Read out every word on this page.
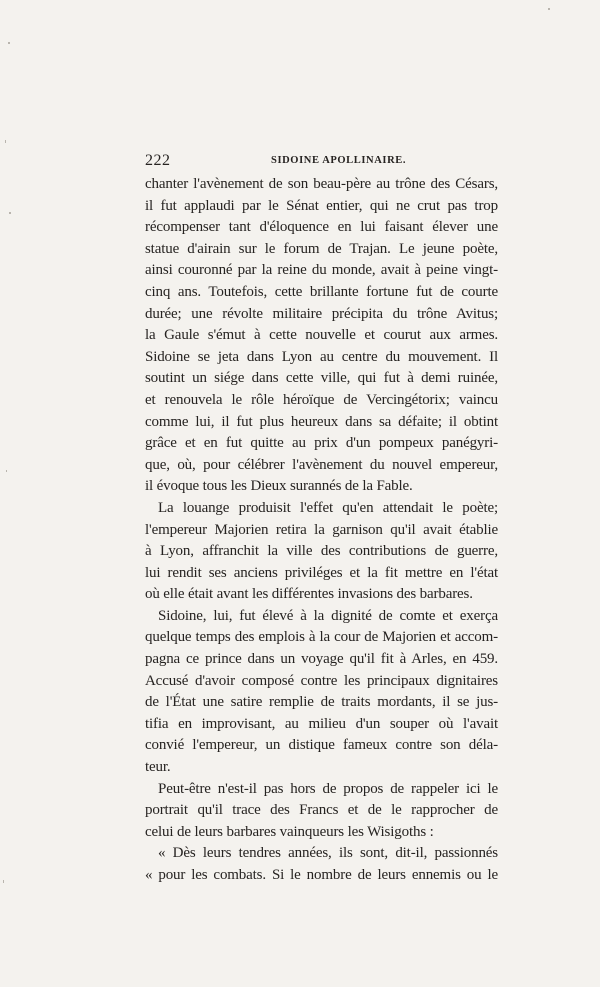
222	SIDOINE APOLLINAIRE.
chanter l'avènement de son beau-père au trône des Césars,
il fut applaudi par le Sénat entier, qui ne crut pas trop
récompenser tant d'éloquence en lui faisant élever une
statue d'airain sur le forum de Trajan. Le jeune poète,
ainsi couronné par la reine du monde, avait à peine vingt-
cinq ans. Toutefois, cette brillante fortune fut de courte
durée; une révolte militaire précipita du trône Avitus;
la Gaule s'émut à cette nouvelle et courut aux armes.
Sidoine se jeta dans Lyon au centre du mouvement. Il
soutint un siége dans cette ville, qui fut à demi ruinée,
et renouvela le rôle héroïque de Vercingétorix; vaincu
comme lui, il fut plus heureux dans sa défaite; il obtint
grâce et en fut quitte au prix d'un pompeux panégyri-
que, où, pour célébrer l'avènement du nouvel empereur,
il évoque tous les Dieux surannés de la Fable.
La louange produisit l'effet qu'en attendait le poète;
l'empereur Majorien retira la garnison qu'il avait établie
à Lyon, affranchit la ville des contributions de guerre,
lui rendit ses anciens priviléges et la fit mettre en l'état
où elle était avant les différentes invasions des barbares.
Sidoine, lui, fut élevé à la dignité de comte et exerça
quelque temps des emplois à la cour de Majorien et accom-
pagna ce prince dans un voyage qu'il fit à Arles, en 459.
Accusé d'avoir composé contre les principaux dignitaires
de l'État une satire remplie de traits mordants, il se jus-
tifia en improvisant, au milieu d'un souper où l'avait
convié l'empereur, un distique fameux contre son déla-
teur.
Peut-être n'est-il pas hors de propos de rappeler ici le
portrait qu'il trace des Francs et de le rapprocher de
celui de leurs barbares vainqueurs les Wisigoths :
« Dès leurs tendres années, ils sont, dit-il, passionnés
« pour les combats. Si le nombre de leurs ennemis ou le
